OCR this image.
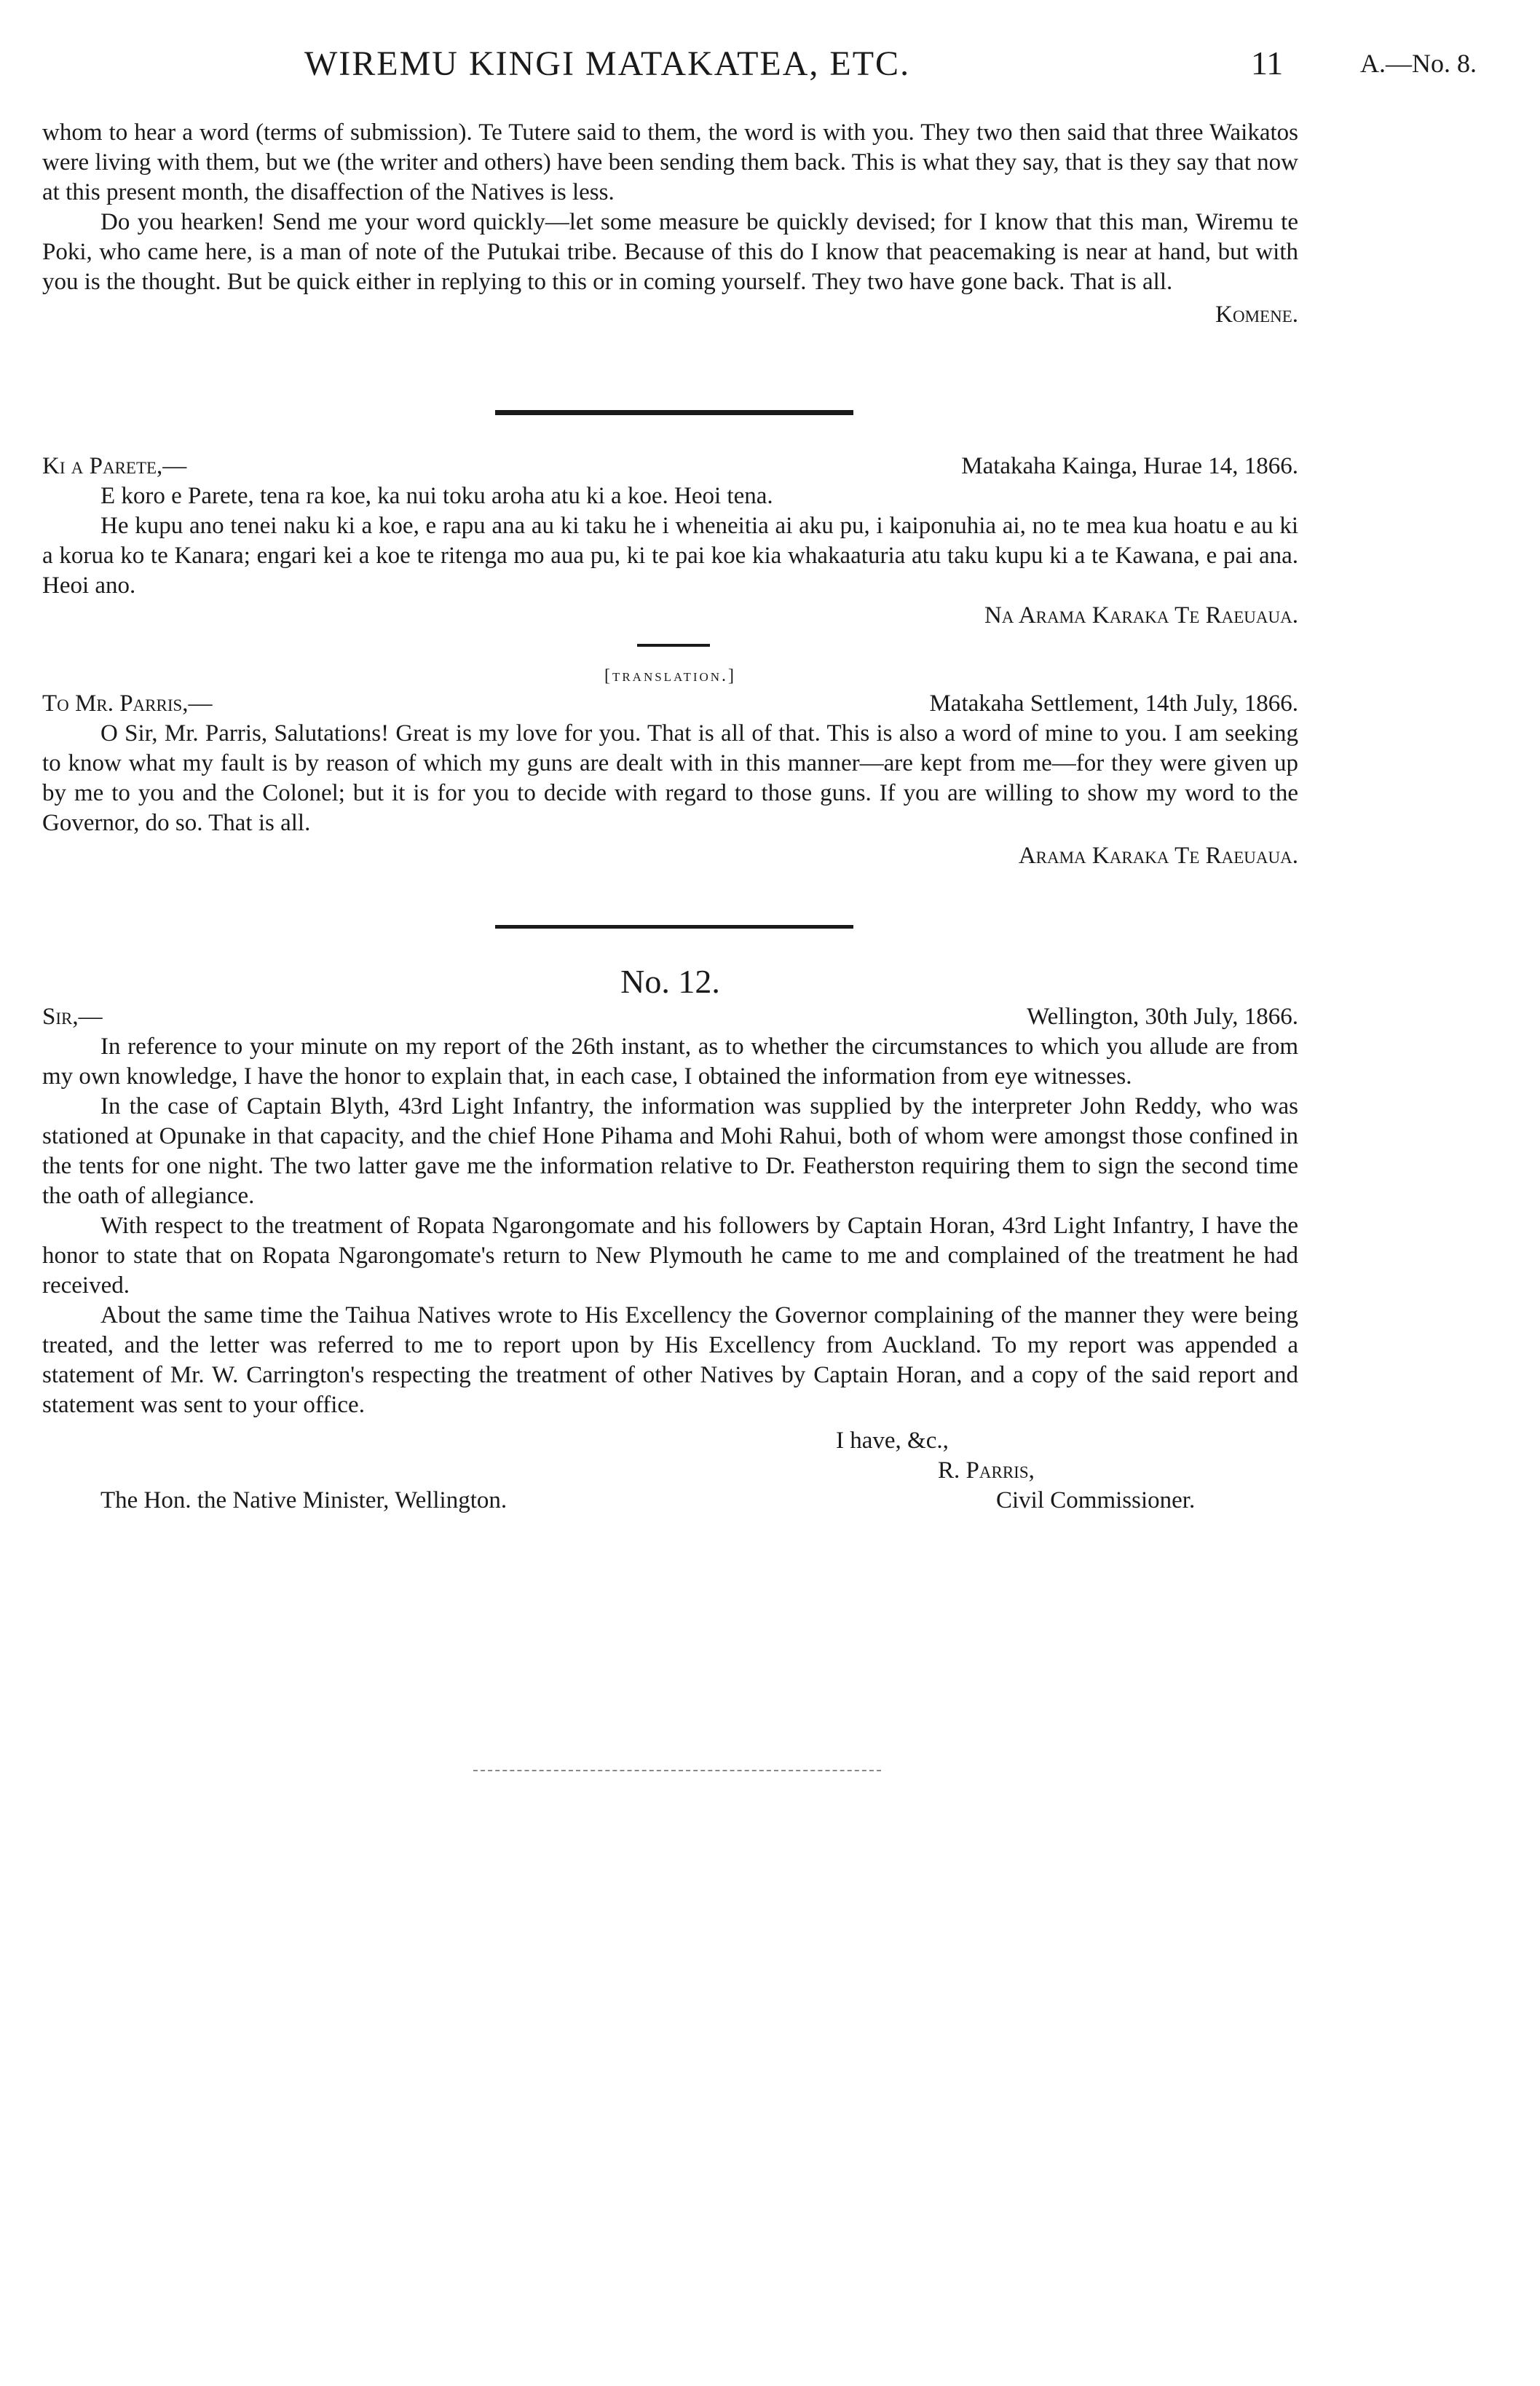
WIREMU KINGI MATAKATEA, ETC.	11	A.—No. 8.

whom to hear a word (terms of submission). Te Tutere said to them, the word is with you. They two then said that three Waikatos were living with them, but we (the writer and others) have been sending them back. This is what they say, that is they say that now at this present month, the disaffection of the Natives is less.

Do you hearken! Send me your word quickly—let some measure be quickly devised; for I know that this man, Wiremu te Poki, who came here, is a man of note of the Putukai tribe. Because of this do I know that peacemaking is near at hand, but with you is the thought. But be quick either in replying to this or in coming yourself. They two have gone back. That is all.

Komene.
Ki a Parete,—	Matakaha Kainga, Hurae 14, 1866.

E koro e Parete, tena ra koe, ka nui toku aroha atu ki a koe. Heoi tena.

He kupu ano tenei naku ki a koe, e rapu ana au ki taku he i wheneitia ai aku pu, i kaiponuhia ai, no te mea kua hoatu e au ki a korua ko te Kanara; engari kei a koe te ritenga mo aua pu, ki te pai koe kia whakaaturia atu taku kupu ki a te Kawana, e pai ana. Heoi ano.

Na Arama Karaka Te Raeuaua.
[translation.]
To Mr. Parris,—	Matakaha Settlement, 14th July, 1866.

O Sir, Mr. Parris, Salutations! Great is my love for you. That is all of that. This is also a word of mine to you. I am seeking to know what my fault is by reason of which my guns are dealt with in this manner—are kept from me—for they were given up by me to you and the Colonel; but it is for you to decide with regard to those guns. If you are willing to show my word to the Governor, do so. That is all.

Arama Karaka Te Raeuaua.
No. 12.
Sir,—	Wellington, 30th July, 1866.

In reference to your minute on my report of the 26th instant, as to whether the circumstances to which you allude are from my own knowledge, I have the honor to explain that, in each case, I obtained the information from eye witnesses.

In the case of Captain Blyth, 43rd Light Infantry, the information was supplied by the interpreter John Reddy, who was stationed at Opunake in that capacity, and the chief Hone Pihama and Mohi Rahui, both of whom were amongst those confined in the tents for one night. The two latter gave me the information relative to Dr. Featherston requiring them to sign the second time the oath of allegiance.

With respect to the treatment of Ropata Ngarongomate and his followers by Captain Horan, 43rd Light Infantry, I have the honor to state that on Ropata Ngarongomate's return to New Plymouth he came to me and complained of the treatment he had received.

About the same time the Taihua Natives wrote to His Excellency the Governor complaining of the manner they were being treated, and the letter was referred to me to report upon by His Excellency from Auckland. To my report was appended a statement of Mr. W. Carrington's respecting the treatment of other Natives by Captain Horan, and a copy of the said report and statement was sent to your office.

I have, &c.,
R. Parris,
The Hon. the Native Minister, Wellington.	Civil Commissioner.
